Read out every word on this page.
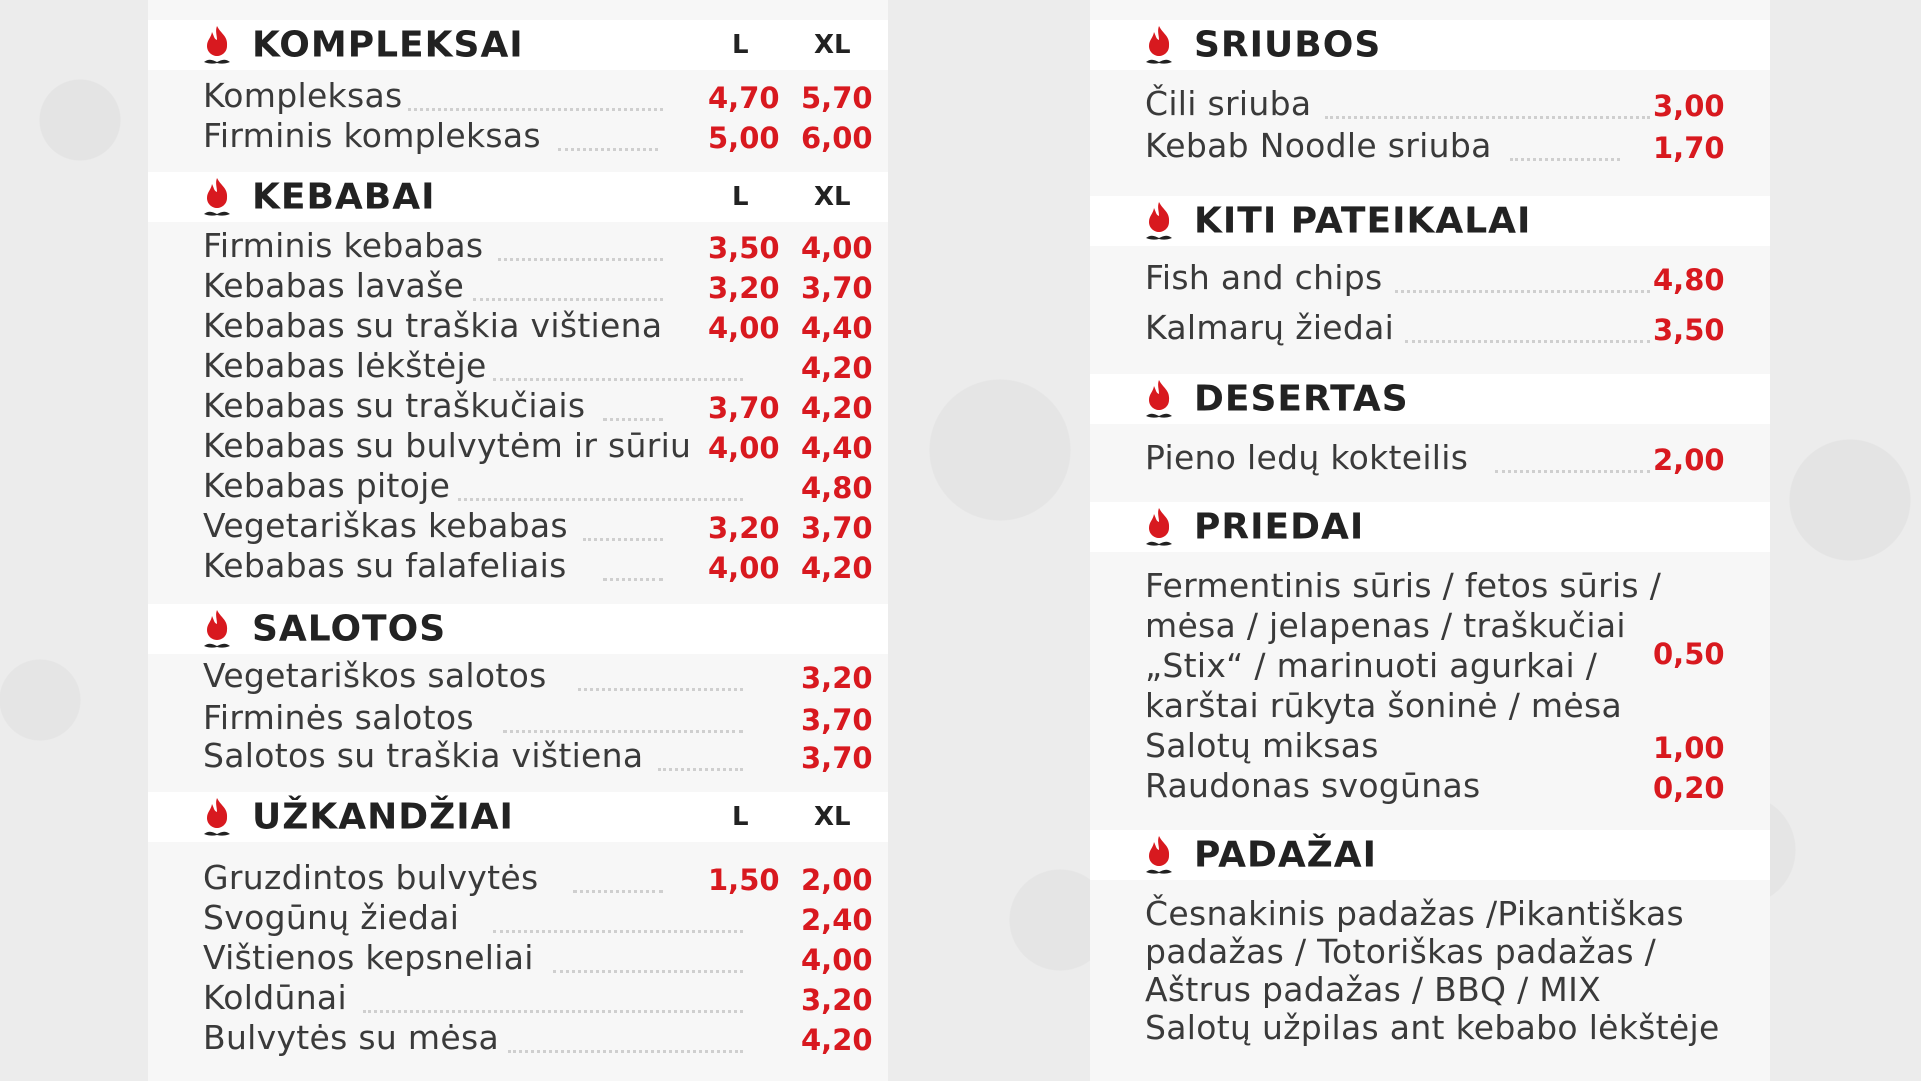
KOMPLEKSAI	L	XL
Kompleksas	4,70 5,70
Firminis kompleksas	5,00 6,00
KEBABAI	L	XL
Firminis kebabas	3,50 4,00
Kebabas lavaše	3,20 3,70
Kebabas su traškia vištiena 4,00 4,40
Kebabas lėkštėje	4,20
Kebabas su traškučiais	3,70 4,20
Kebabas su bulvytėm ir sūriu 4,00 4,40
Kebabas pitoje	4,80
Vegetariškas kebabas	3,20 3,70
Kebabas su falafeliais	4,00 4,20
SALOTOS
Vegetariškos salotos	3,20
Firminės salotos	3,70
Salotos su traškia vištiena	3,70
UŽKANDŽIAI	L	XL
Gruzdintos bulvytės	1,50 2,00
Svogūnų žiedai	2,40
Vištienos kepsneliai	4,00
Koldūnai	3,20
Bulvytės su mėsa	4,20
SRIUBOS
Čili sriuba	3,00
Kebab Noodle sriuba	1,70
KITI PATEIKALAI
Fish and chips	4,80
Kalmarų žiedai	3,50
DESERTAS
Pieno ledų kokteilis	2,00
PRIEDAI
Fermentinis sūris / fetos sūris /
mėsa / jelapenas / traškučiai
„Stix“ / marinuoti agurkai /
karštai rūkyta šoninė / mėsa
0,50
Salotų miksas	1,00
Raudonas svogūnas	0,20
PADAŽAI
Česnakinis padažas /Pikantiškas
padažas / Totoriškas padažas /
Aštrus padažas / BBQ / MIX
Salotų užpilas ant kebabo lėkštėje
